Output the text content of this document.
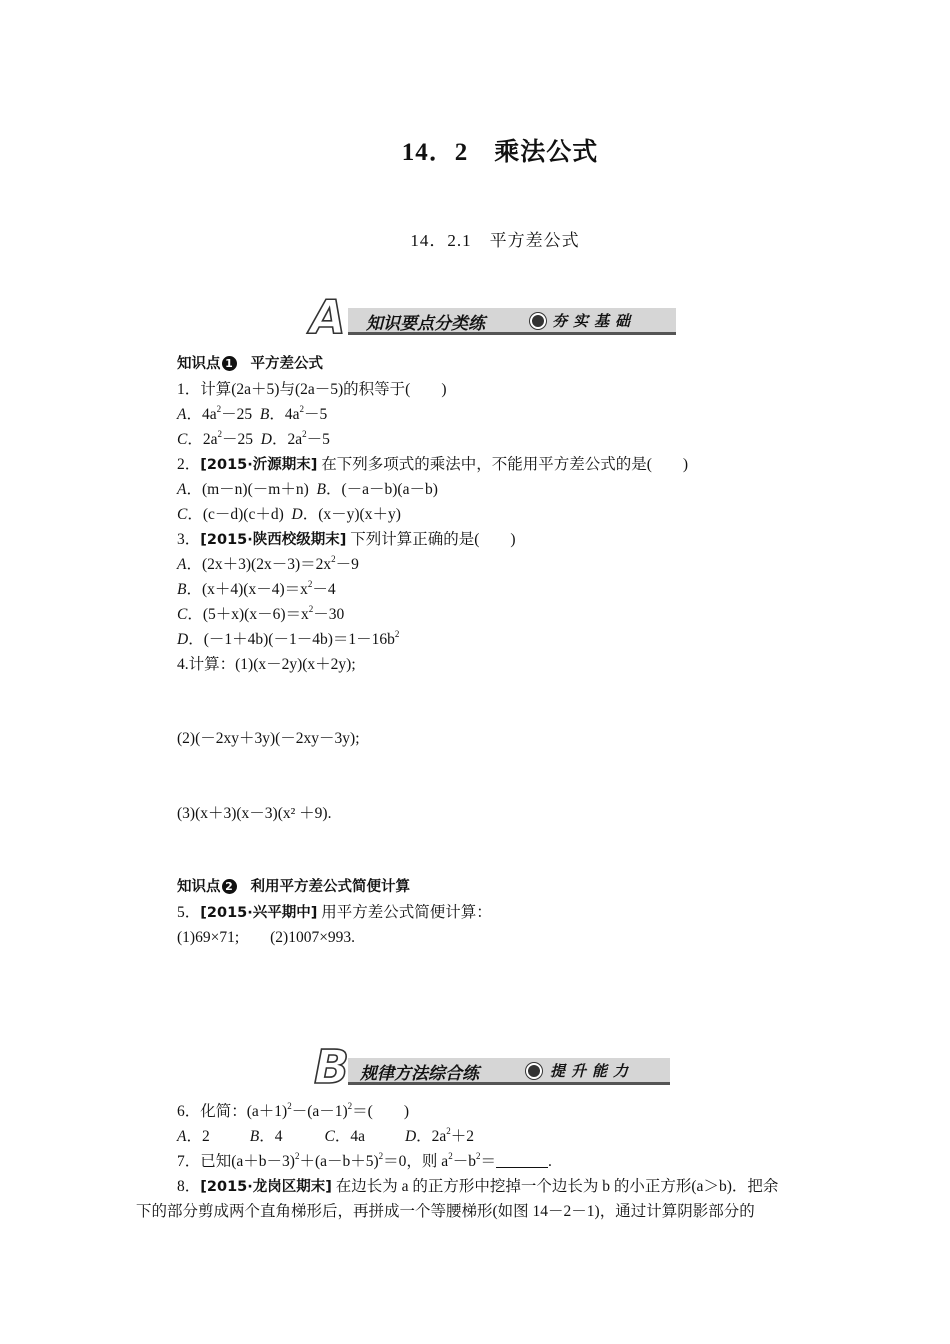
14．2　乘法公式
14．2.1　平方差公式
A 知识要点分类练	夯实基础
知识点 1 平方差公式
1．计算(2a＋5)与(2a－5)的积等于(　　)
A．$4a^2-25$  B．$4a^2-5$
C．$2a^2-25$  D．$2a^2-5$
2．[2015·沂源期末] 在下列多项式的乘法中，不能用平方差公式的是(　　)
A．(m－n)(－m＋n)  B．(－a－b)(a－b)
C．(c－d)(c＋d)  D．(x－y)(x＋y)
3．[2015·陕西校级期末] 下列计算正确的是(　　)
A．$(2x+3)(2x-3)=2x^2-9$
B．$(x+4)(x-4)=x^2-4$
C．$(5+x)(x-6)=x^2-30$
D．$(-1+4b)(-1-4b)=1-16b^2$
4.计算：(1)(x－2y)(x＋2y);
(2)(－2xy＋3y)(－2xy－3y);
(3)(x＋3)(x－3)(x² ＋9).
知识点 2 利用平方差公式简便计算
5．[2015·兴平期中] 用平方差公式简便计算：
(1)69×71;　　(2)1007×993.
B 规律方法综合练	提升能力
6．化简：$(a+1)^2-(a-1)^2=$(　　)
A．2	B．4	C．4a	D．$2a^2+2$
7．已知$(a+b-3)^2+(a-b+5)^2=0$，则 $a^2-b^2=$	.
8．[2015·龙岗区期末] 在边长为 a 的正方形中挖掉一个边长为 b 的小正方形(a＞b)．把余
下的部分剪成两个直角梯形后，再拼成一个等腰梯形(如图 14－2－1)，通过计算阴影部分的
